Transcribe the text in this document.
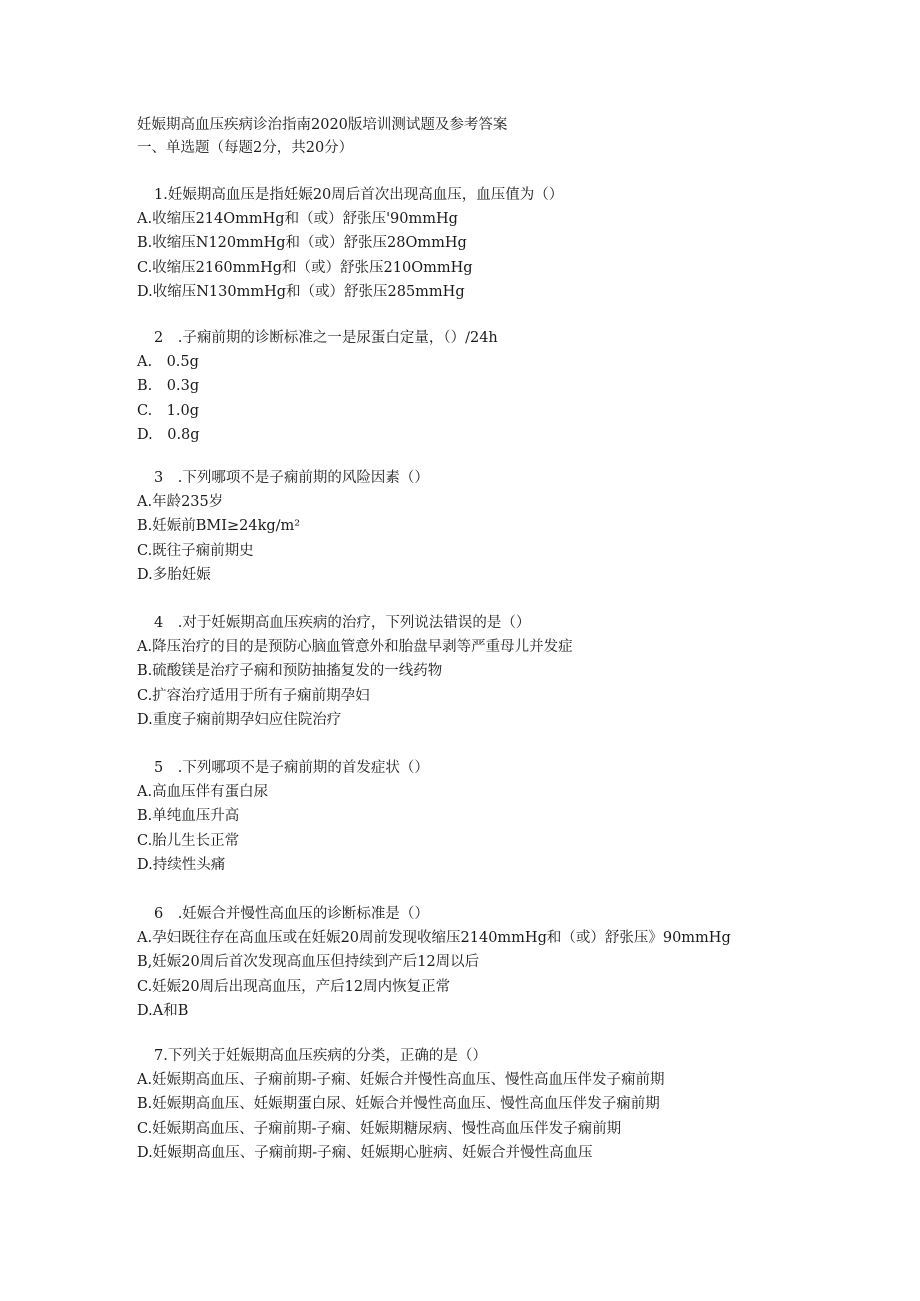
妊娠期高血压疾病诊治指南2020版培训测试题及参考答案
一、单选题（每题2分，共20分）
1.妊娠期高血压是指妊娠20周后首次出现高血压，血压值为（）
A.收缩压214OmmHg和（或）舒张压'90mmHg
B.收缩压N120mmHg和（或）舒张压28OmmHg
C.收缩压2160mmHg和（或）舒张压210OmmHg
D.收缩压N130mmHg和（或）舒张压285mmHg
2　.子痫前期的诊断标准之一是尿蛋白定量，（）∕24h
A.　0.5g
B.　0.3g
C.　1.0g
D.　0.8g
3　.下列哪项不是子痫前期的风险因素（）
A.年龄235岁
B.妊娠前BMI≥24kg∕m²
C.既往子痫前期史
D.多胎妊娠
4　.对于妊娠期高血压疾病的治疗，下列说法错误的是（）
A.降压治疗的目的是预防心脑血管意外和胎盘早剥等严重母儿并发症
B.硫酸镁是治疗子痫和预防抽搐复发的一线药物
C.扩容治疗适用于所有子痫前期孕妇
D.重度子痫前期孕妇应住院治疗
5　.下列哪项不是子痫前期的首发症状（）
A.高血压伴有蛋白尿
B.单纯血压升高
C.胎儿生长正常
D.持续性头痛
6　.妊娠合并慢性高血压的诊断标准是（）
A.孕妇既往存在高血压或在妊娠20周前发现收缩压2140mmHg和（或）舒张压》90mmHg
B,妊娠20周后首次发现高血压但持续到产后12周以后
C.妊娠20周后出现高血压，产后12周内恢复正常
D.A和B
7.下列关于妊娠期高血压疾病的分类，正确的是（）
A.妊娠期高血压、子痫前期-子痫、妊娠合并慢性高血压、慢性高血压伴发子痫前期
B.妊娠期高血压、妊娠期蛋白尿、妊娠合并慢性高血压、慢性高血压伴发子痫前期
C.妊娠期高血压、子痫前期-子痫、妊娠期糖尿病、慢性高血压伴发子痫前期
D.妊娠期高血压、子痫前期-子痫、妊娠期心脏病、妊娠合并慢性高血压
